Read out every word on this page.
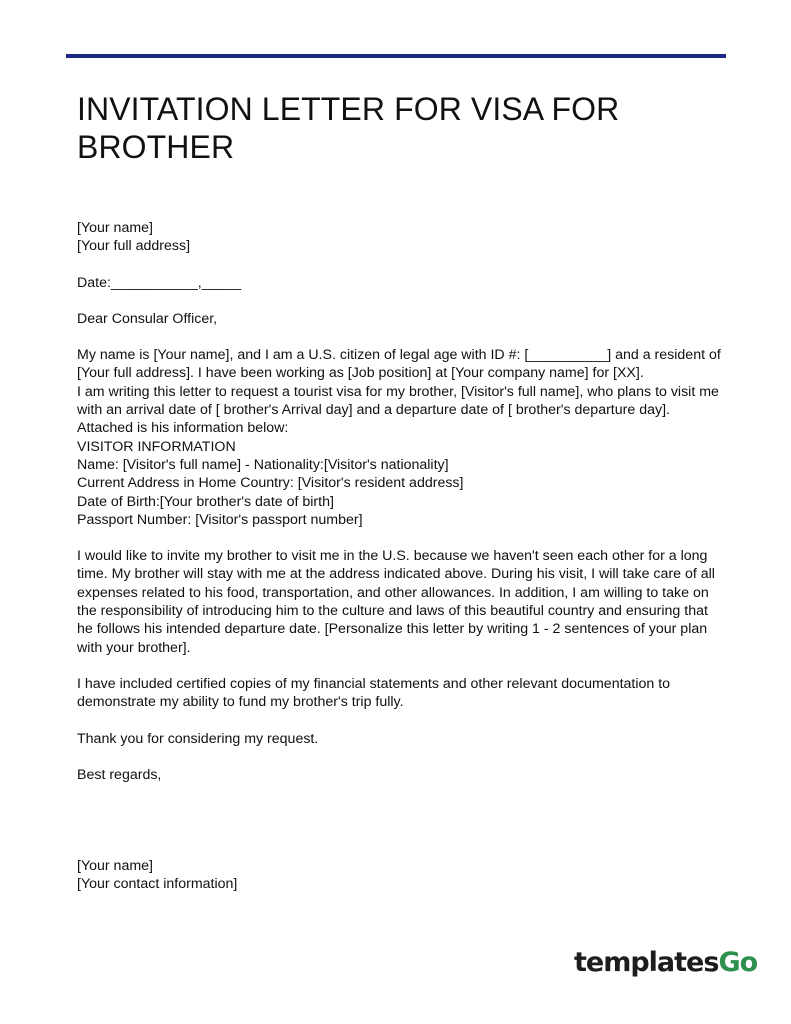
INVITATION LETTER FOR VISA FOR BROTHER

[Your name]

[Your full address]

Date:___________,_____

Dear Consular Officer,

My name is [Your name], and I am a U.S. citizen of legal age with ID #: [__________] and a resident of [Your full address]. I have been working as [Job position] at [Your company name] for [XX].

I am writing this letter to request a tourist visa for my brother, [Visitor's full name], who plans to visit me with an arrival date of [ brother's Arrival day] and a departure date of [ brother's departure day]. Attached is his information below:

VISITOR INFORMATION

Name: [Visitor's full name] - Nationality:[Visitor's nationality]

Current Address in Home Country: [Visitor's resident address]

Date of Birth:[Your brother's date of birth]

Passport Number: [Visitor's passport number]

I would like to invite my brother to visit me in the U.S. because we haven't seen each other for a long time. My brother will stay with me at the address indicated above. During his visit, I will take care of all expenses related to his food, transportation, and other allowances. In addition, I am willing to take on the responsibility of introducing him to the culture and laws of this beautiful country and ensuring that he follows his intended departure date. [Personalize this letter by writing 1 - 2 sentences of your plan with your brother].

I have included certified copies of my financial statements and other relevant documentation to demonstrate my ability to fund my brother's trip fully.

Thank you for considering my request.

Best regards,

[Your name]

[Your contact information]

templatesGo
